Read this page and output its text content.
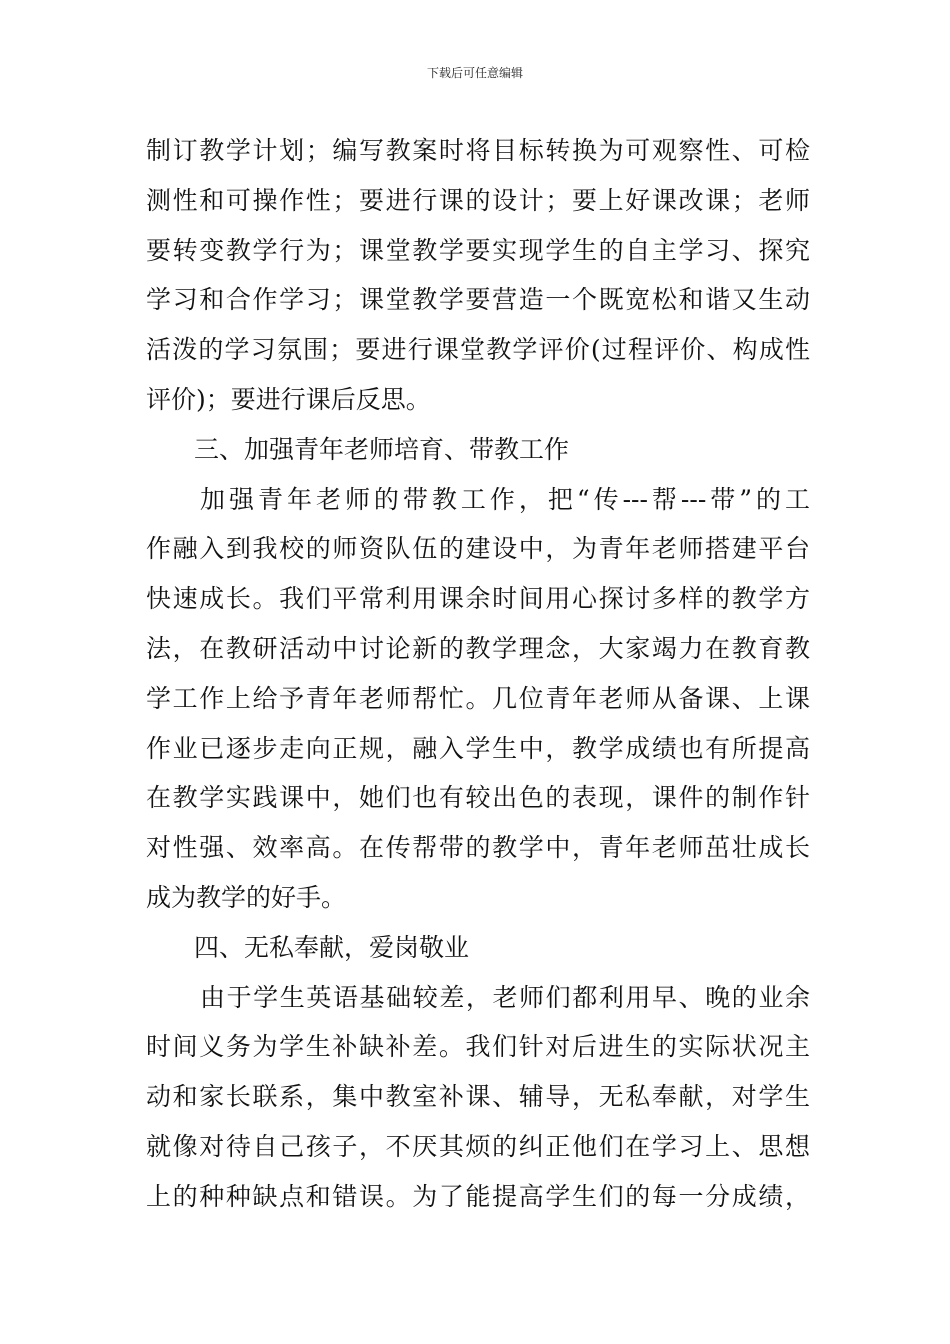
下载后可任意编辑
制订教学计划；编写教案时将目标转换为可观察性、可检
测性和可操作性；要进行课的设计；要上好课改课；老师
要转变教学行为；课堂教学要实现学生的自主学习、探究
学习和合作学习；课堂教学要营造一个既宽松和谐又生动
活泼的学习氛围；要进行课堂教学评价(过程评价、构成性
评价)；要进行课后反思。
三、加强青年老师培育、带教工作
加强青年老师的带教工作，把“传---帮---带”的工
作融入到我校的师资队伍的建设中，为青年老师搭建平台
快速成长。我们平常利用课余时间用心探讨多样的教学方
法，在教研活动中讨论新的教学理念，大家竭力在教育教
学工作上给予青年老师帮忙。几位青年老师从备课、上课
作业已逐步走向正规，融入学生中，教学成绩也有所提高
在教学实践课中，她们也有较出色的表现，课件的制作针
对性强、效率高。在传帮带的教学中，青年老师茁壮成长
成为教学的好手。
四、无私奉献，爱岗敬业
由于学生英语基础较差，老师们都利用早、晚的业余
时间义务为学生补缺补差。我们针对后进生的实际状况主
动和家长联系，集中教室补课、辅导，无私奉献，对学生
就像对待自己孩子，不厌其烦的纠正他们在学习上、思想
上的种种缺点和错误。为了能提高学生们的每一分成绩，
